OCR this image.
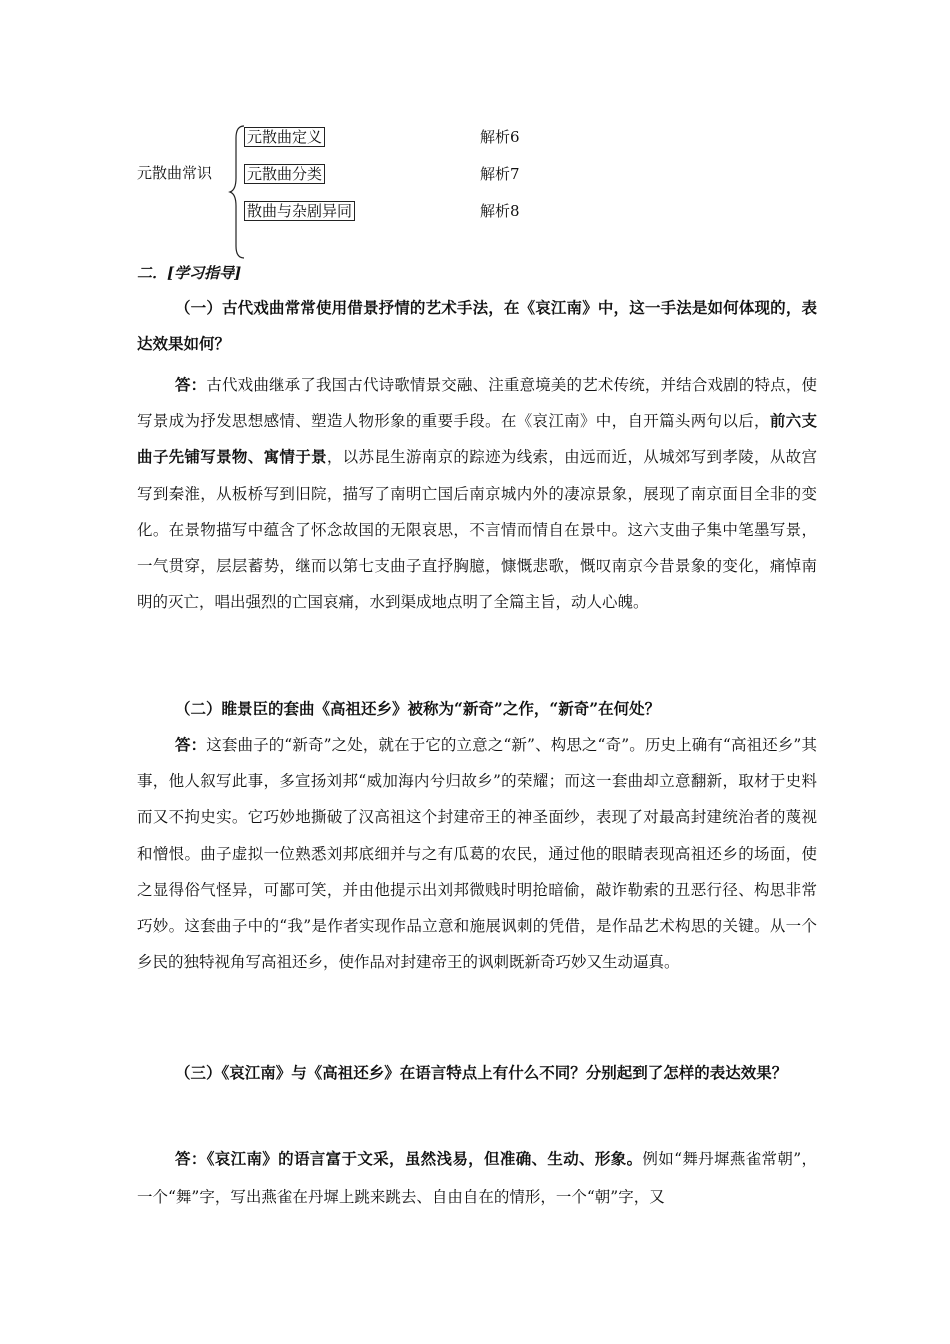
元散曲常识
元散曲定义
元散曲分类
散曲与杂剧异同
解析6
解析7
解析8
二．[学习指导]

（一）古代戏曲常常使用借景抒情的艺术手法，在《哀江南》中，这一手法是如何体现的，表达效果如何？

答：古代戏曲继承了我国古代诗歌情景交融、注重意境美的艺术传统，并结合戏剧的特点，使写景成为抒发思想感情、塑造人物形象的重要手段。在《哀江南》中，自开篇头两句以后，前六支曲子先铺写景物、寓情于景，以苏昆生游南京的踪迹为线索，由远而近，从城郊写到孝陵，从故宫写到秦淮，从板桥写到旧院，描写了南明亡国后南京城内外的凄凉景象，展现了南京面目全非的变化。在景物描写中蕴含了怀念故国的无限哀思，不言情而情自在景中。这六支曲子集中笔墨写景，一气贯穿，层层蓄势，继而以第七支曲子直抒胸臆，慷慨悲歌，慨叹南京今昔景象的变化，痛悼南明的灭亡，唱出强烈的亡国哀痛，水到渠成地点明了全篇主旨，动人心魄。

（二）睢景臣的套曲《高祖还乡》被称为“新奇”之作，“新奇”在何处？

答：这套曲子的“新奇”之处，就在于它的立意之“新”、构思之“奇”。历史上确有“高祖还乡”其事，他人叙写此事，多宣扬刘邦“威加海内兮归故乡”的荣耀；而这一套曲却立意翻新，取材于史料而又不拘史实。它巧妙地撕破了汉高祖这个封建帝王的神圣面纱，表现了对最高封建统治者的蔑视和憎恨。曲子虚拟一位熟悉刘邦底细并与之有瓜葛的农民，通过他的眼睛表现高祖还乡的场面，使之显得俗气怪异，可鄙可笑，并由他提示出刘邦微贱时明抢暗偷，敲诈勒索的丑恶行径、构思非常巧妙。这套曲子中的“我”是作者实现作品立意和施展讽刺的凭借，是作品艺术构思的关键。从一个乡民的独特视角写高祖还乡，使作品对封建帝王的讽刺既新奇巧妙又生动逼真。

（三）《哀江南》与《高祖还乡》在语言特点上有什么不同？分别起到了怎样的表达效果？

答：《哀江南》的语言富于文采，虽然浅易，但准确、生动、形象。例如“舞丹墀燕雀常朝”，一个“舞”字，写出燕雀在丹墀上跳来跳去、自由自在的情形，一个“朝”字，又
